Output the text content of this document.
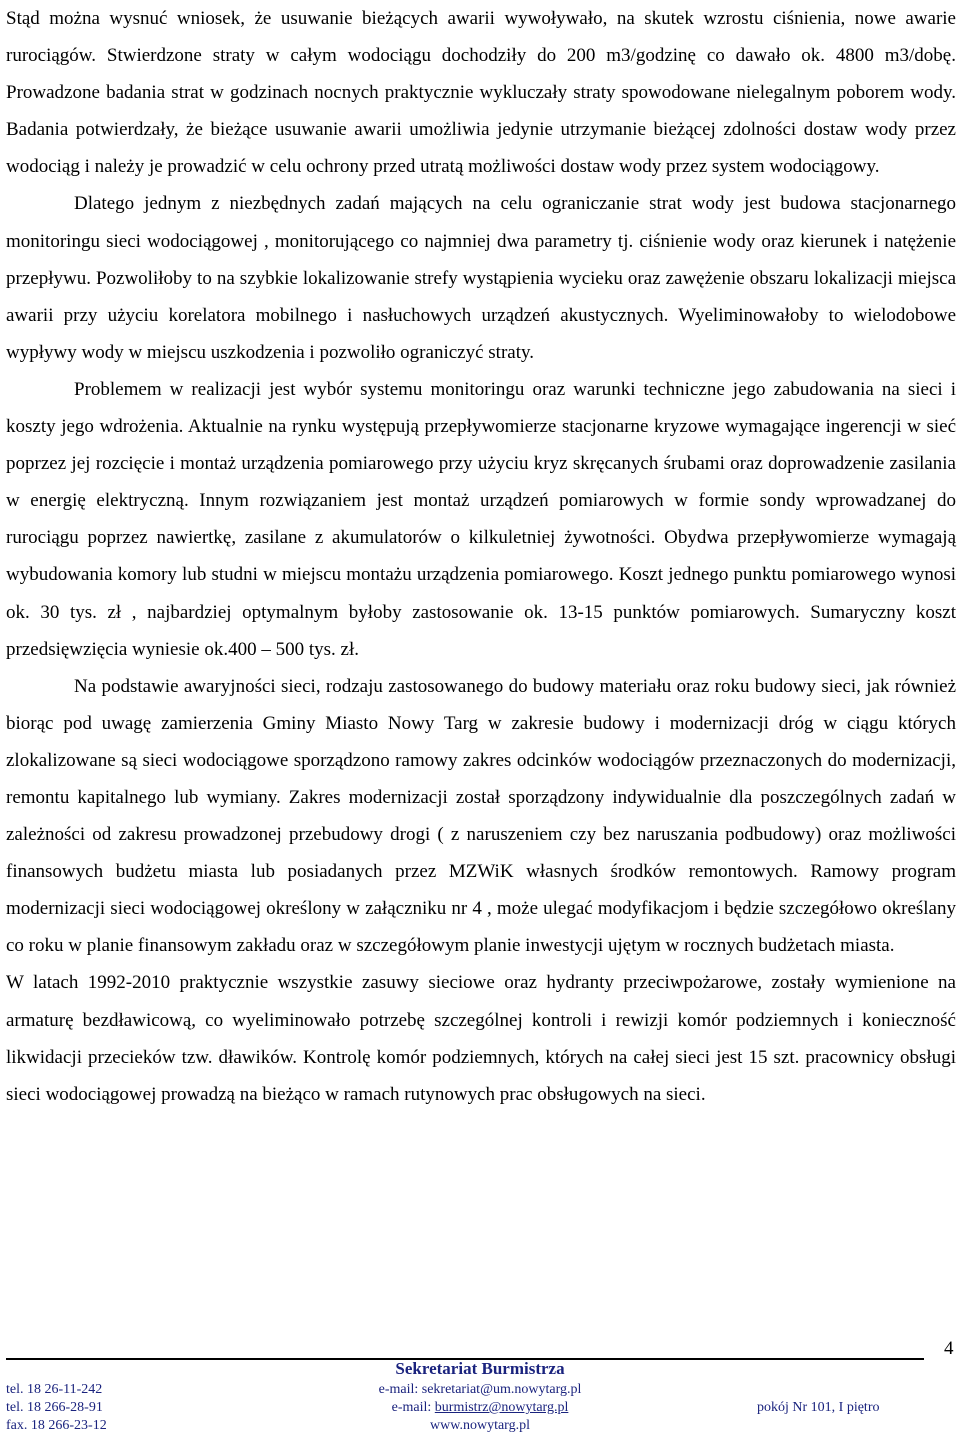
Stąd można wysnuć wniosek, że usuwanie bieżących awarii wywoływało, na skutek wzrostu ciśnienia, nowe awarie rurociągów. Stwierdzone straty w całym wodociągu dochodziły do 200 m3/godzinę co dawało ok. 4800 m3/dobę. Prowadzone badania strat w godzinach nocnych praktycznie wykluczały straty spowodowane nielegalnym poborem wody. Badania potwierdzały, że bieżące usuwanie awarii umożliwia jedynie utrzymanie bieżącej zdolności dostaw wody przez wodociąg i należy je prowadzić w celu ochrony przed utratą możliwości dostaw wody przez system wodociągowy.

Dlatego jednym z niezbędnych zadań mających na celu ograniczanie strat wody jest budowa stacjonarnego monitoringu sieci wodociągowej , monitorującego co najmniej dwa parametry tj. ciśnienie wody oraz kierunek i natężenie przepływu. Pozwoliłoby to na szybkie lokalizowanie strefy wystąpienia wycieku oraz zawężenie obszaru lokalizacji miejsca awarii przy użyciu korelatora mobilnego i nasłuchowych urządzeń akustycznych. Wyeliminowałoby to wielodobowe wypływy wody w miejscu uszkodzenia i pozwoliło ograniczyć straty.

Problemem w realizacji jest wybór systemu monitoringu oraz warunki techniczne jego zabudowania na sieci i koszty jego wdrożenia. Aktualnie na rynku występują przepływomierze stacjonarne kryzowe wymagające ingerencji w sieć poprzez jej rozcięcie i montaż urządzenia pomiarowego przy użyciu kryz skręcanych śrubami oraz doprowadzenie zasilania w energię elektryczną. Innym rozwiązaniem jest montaż urządzeń pomiarowych w formie sondy wprowadzanej do rurociągu poprzez nawiertkę, zasilane z akumulatorów o kilkuletniej żywotności. Obydwa przepływomierze wymagają wybudowania komory lub studni w miejscu montażu urządzenia pomiarowego. Koszt jednego punktu pomiarowego wynosi ok. 30 tys. zł , najbardziej optymalnym byłoby zastosowanie ok. 13-15 punktów pomiarowych. Sumaryczny koszt przedsięwzięcia wyniesie ok.400 – 500 tys. zł.

Na podstawie awaryjności sieci, rodzaju zastosowanego do budowy materiału oraz roku budowy sieci, jak również biorąc pod uwagę zamierzenia Gminy Miasto Nowy Targ w zakresie budowy i modernizacji dróg w ciągu których zlokalizowane są sieci wodociągowe sporządzono ramowy zakres odcinków wodociągów przeznaczonych do modernizacji, remontu kapitalnego lub wymiany. Zakres modernizacji został sporządzony indywidualnie dla poszczególnych zadań w zależności od zakresu prowadzonej przebudowy drogi ( z naruszeniem czy bez naruszania podbudowy) oraz możliwości finansowych budżetu miasta lub posiadanych przez MZWiK własnych środków remontowych. Ramowy program modernizacji sieci wodociągowej określony w załączniku nr 4 , może ulegać modyfikacjom i będzie szczegółowo określany co roku w planie finansowym zakładu oraz w szczegółowym planie inwestycji ujętym w rocznych budżetach miasta.

W latach 1992-2010 praktycznie wszystkie zasuwy sieciowe oraz hydranty przeciwpożarowe, zostały wymienione na armaturę bezdławicową, co wyeliminowało potrzebę szczególnej kontroli i rewizji komór podziemnych i konieczność likwidacji przecieków tzw. dławików. Kontrolę komór podziemnych, których na całej sieci jest 15 szt. pracownicy obsługi sieci wodociągowej prowadzą na bieżąco w ramach rutynowych prac obsługowych na sieci.

4
Sekretariat Burmistrza
tel. 18 26-11-242
tel. 18 266-28-91
fax. 18 266-23-12
e-mail: sekretariat@um.nowytarg.pl
e-mail: burmistrz@nowytarg.pl
www.nowytarg.pl
pokój Nr 101, I piętro
